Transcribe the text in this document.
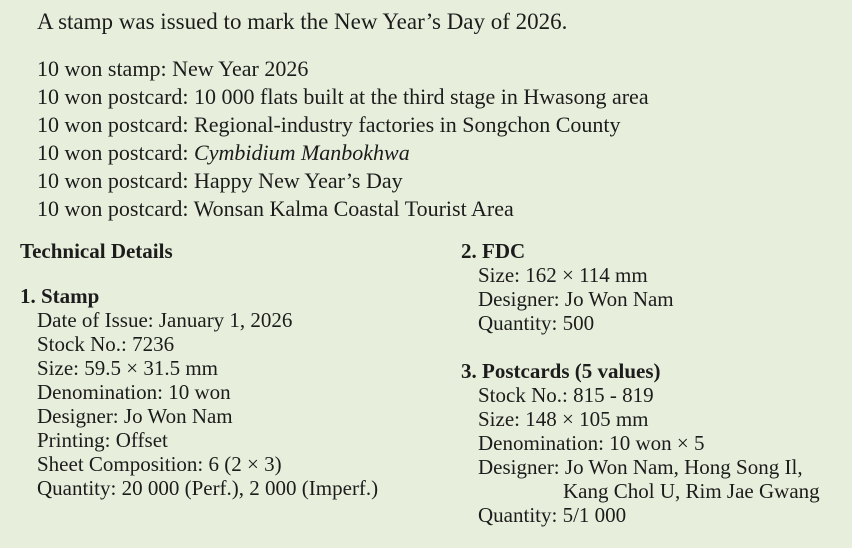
A stamp was issued to mark the New Year’s Day of 2026.
10 won stamp: New Year 2026
10 won postcard: 10 000 flats built at the third stage in Hwasong area
10 won postcard: Regional-industry factories in Songchon County
10 won postcard: Cymbidium Manbokhwa
10 won postcard: Happy New Year’s Day
10 won postcard: Wonsan Kalma Coastal Tourist Area
Technical Details
1. Stamp
Date of Issue: January 1, 2026
Stock No.: 7236
Size: 59.5 × 31.5 mm
Denomination: 10 won
Designer: Jo Won Nam
Printing: Offset
Sheet Composition: 6 (2 × 3)
Quantity: 20 000 (Perf.), 2 000 (Imperf.)
2. FDC
Size: 162 × 114 mm
Designer: Jo Won Nam
Quantity: 500
3. Postcards (5 values)
Stock No.: 815 - 819
Size: 148 × 105 mm
Denomination: 10 won × 5
Designer: Jo Won Nam, Hong Song Il,
Kang Chol U, Rim Jae Gwang
Quantity: 5/1 000
